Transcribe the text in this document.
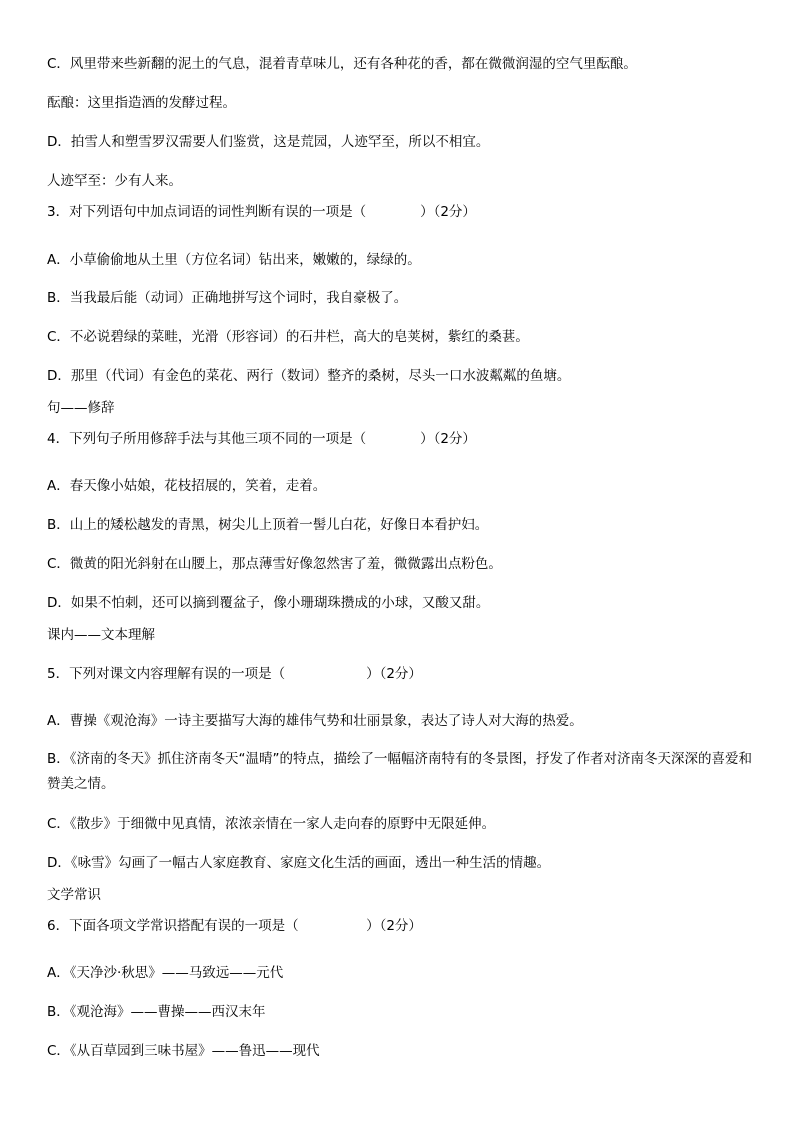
C．风里带来些新翻的泥土的气息，混着青草味儿，还有各种花的香，都在微微润湿的空气里酝酿。
酝酿：这里指造酒的发酵过程。
D．拍雪人和塑雪罗汉需要人们鉴赏，这是荒园，人迹罕至，所以不相宜。
人迹罕至：少有人来。
3．对下列语句中加点词语的词性判断有误的一项是（　　　　）（2分）
A．小草偷偷地从土里（方位名词）钻出来，嫩嫩的，绿绿的。
B．当我最后能（动词）正确地拼写这个词时，我自豪极了。
C．不必说碧绿的菜畦，光滑（形容词）的石井栏，高大的皂荚树，紫红的桑葚。
D．那里（代词）有金色的菜花、两行（数词）整齐的桑树，尽头一口水波粼粼的鱼塘。
句——修辞
4．下列句子所用修辞手法与其他三项不同的一项是（　　　　）（2分）
A．春天像小姑娘，花枝招展的，笑着，走着。
B．山上的矮松越发的青黑，树尖儿上顶着一髻儿白花，好像日本看护妇。
C．微黄的阳光斜射在山腰上，那点薄雪好像忽然害了羞，微微露出点粉色。
D．如果不怕刺，还可以摘到覆盆子，像小珊瑚珠攒成的小球，又酸又甜。
课内——文本理解
5．下列对课文内容理解有误的一项是（　　　　　　）（2分）
A．曹操《观沧海》一诗主要描写大海的雄伟气势和壮丽景象，表达了诗人对大海的热爱。
B．《济南的冬天》抓住济南冬天“温晴”的特点，描绘了一幅幅济南特有的冬景图，抒发了作者对济南冬天深深的喜爱和赞美之情。
C．《散步》于细微中见真情，浓浓亲情在一家人走向春的原野中无限延伸。
D．《咏雪》勾画了一幅古人家庭教育、家庭文化生活的画面，透出一种生活的情趣。
文学常识
6．下面各项文学常识搭配有误的一项是（　　　　　）（2分）
A．《天净沙·秋思》——马致远——元代
B．《观沧海》——曹操——西汉末年
C．《从百草园到三味书屋》——鲁迅——现代
